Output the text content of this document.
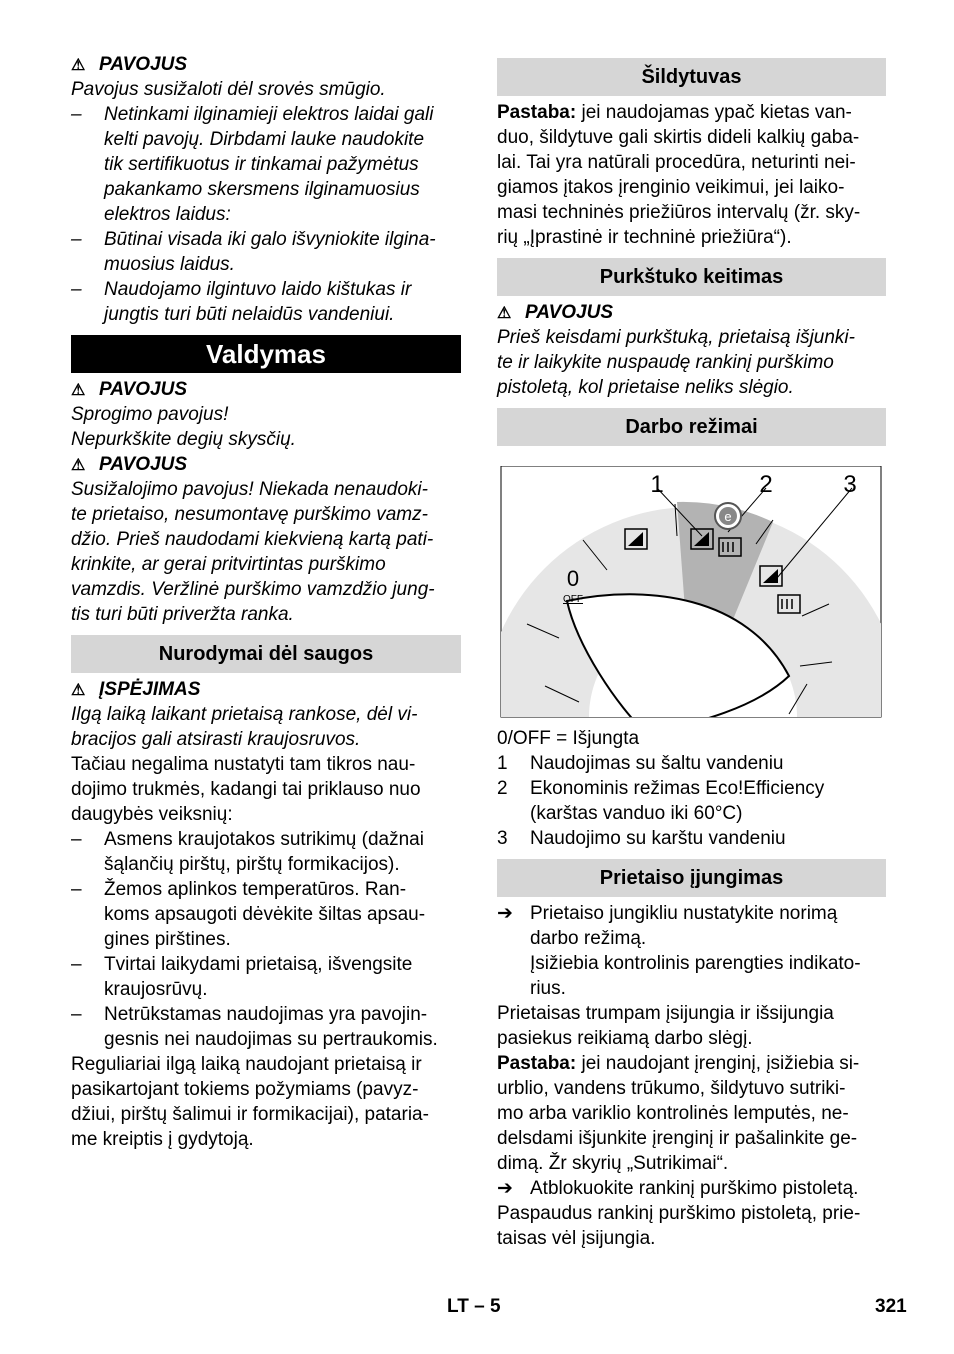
⚠ PAVOJUS
Pavojus susižaloti dėl srovės smūgio.
– Netinkami ilginamieji elektros laidai gali
kelti pavojų. Dirbdami lauke naudokite
tik sertifikuotus ir tinkamai pažymėtus
pakankamo skersmens ilginamuosius
elektros laidus:
– Būtinai visada iki galo išvyniokite ilgina-
muosius laidus.
– Naudojamo ilgintuvo laido kištukas ir
jungtis turi būti nelaidūs vandeniui.
Valdymas
⚠ PAVOJUS
Sprogimo pavojus!
Nepurkškite degių skysčių.
⚠ PAVOJUS
Susižalojimo pavojus! Niekada nenaudoki-
te prietaiso, nesumontavę purškimo vamz-
džio. Prieš naudodami kiekvieną kartą pati-
krinkite, ar gerai pritvirtintas purškimo
vamzdis. Veržlinė purškimo vamzdžio jung-
tis turi būti priveržta ranka.
Nurodymai dėl saugos
⚠ ĮSPĖJIMAS
Ilgą laiką laikant prietaisą rankose, dėl vi-
bracijos gali atsirasti kraujosruvos.
Tačiau negalima nustatyti tam tikros nau-
dojimo trukmės, kadangi tai priklauso nuo
daugybės veiksnių:
– Asmens kraujotakos sutrikimų (dažnai
šąlančių pirštų, pirštų formikacijos).
– Žemos aplinkos temperatūros. Ran-
koms apsaugoti dėvėkite šiltas apsau-
gines pirštines.
– Tvirtai laikydami prietaisą, išvengsite
kraujosrūvų.
– Netrūkstamas naudojimas yra pavojin-
gesnis nei naudojimas su pertraukomis.
Reguliariai ilgą laiką naudojant prietaisą ir
pasikartojant tokiems požymiams (pavyz-
džiui, pirštų šalimui ir formikacijai), pataria-
me kreiptis į gydytoją.
Šildytuvas
Pastaba: jei naudojamas ypač kietas van-
duo, šildytuve gali skirtis dideli kalkių gaba-
lai. Tai yra natūrali procedūra, neturinti nei-
giamos įtakos įrenginio veikimui, jei laiko-
masi techninės priežiūros intervalų (žr. sky-
rių „Įprastinė ir techninė priežiūra“).
Purkštuko keitimas
⚠ PAVOJUS
Prieš keisdami purkštuką, prietaisą išjunki-
te ir laikykite nuspaudę rankinį purškimo
pistoletą, kol prietaise neliks slėgio.
Darbo režimai
1	2	3
0
OFF
e
0/OFF = Išjungta
1 Naudojimas su šaltu vandeniu
2 Ekonominis režimas Eco!Efficiency
(karštas vanduo iki 60°C)
3 Naudojimo su karštu vandeniu
Prietaiso įjungimas
➔ Prietaiso jungikliu nustatykite norimą
darbo režimą.
Įsižiebia kontrolinis parengties indikato-
rius.
Prietaisas trumpam įsijungia ir išsijungia
pasiekus reikiamą darbo slėgį.
Pastaba: jei naudojant įrenginį, įsižiebia si-
urblio, vandens trūkumo, šildytuvo sutriki-
mo arba variklio kontrolinės lemputės, ne-
delsdami išjunkite įrenginį ir pašalinkite ge-
dimą. Žr skyrių „Sutrikimai“.
➔ Atblokuokite rankinį purškimo pistoletą.
Paspaudus rankinį purškimo pistoletą, prie-
taisas vėl įsijungia.
LT – 5	321
